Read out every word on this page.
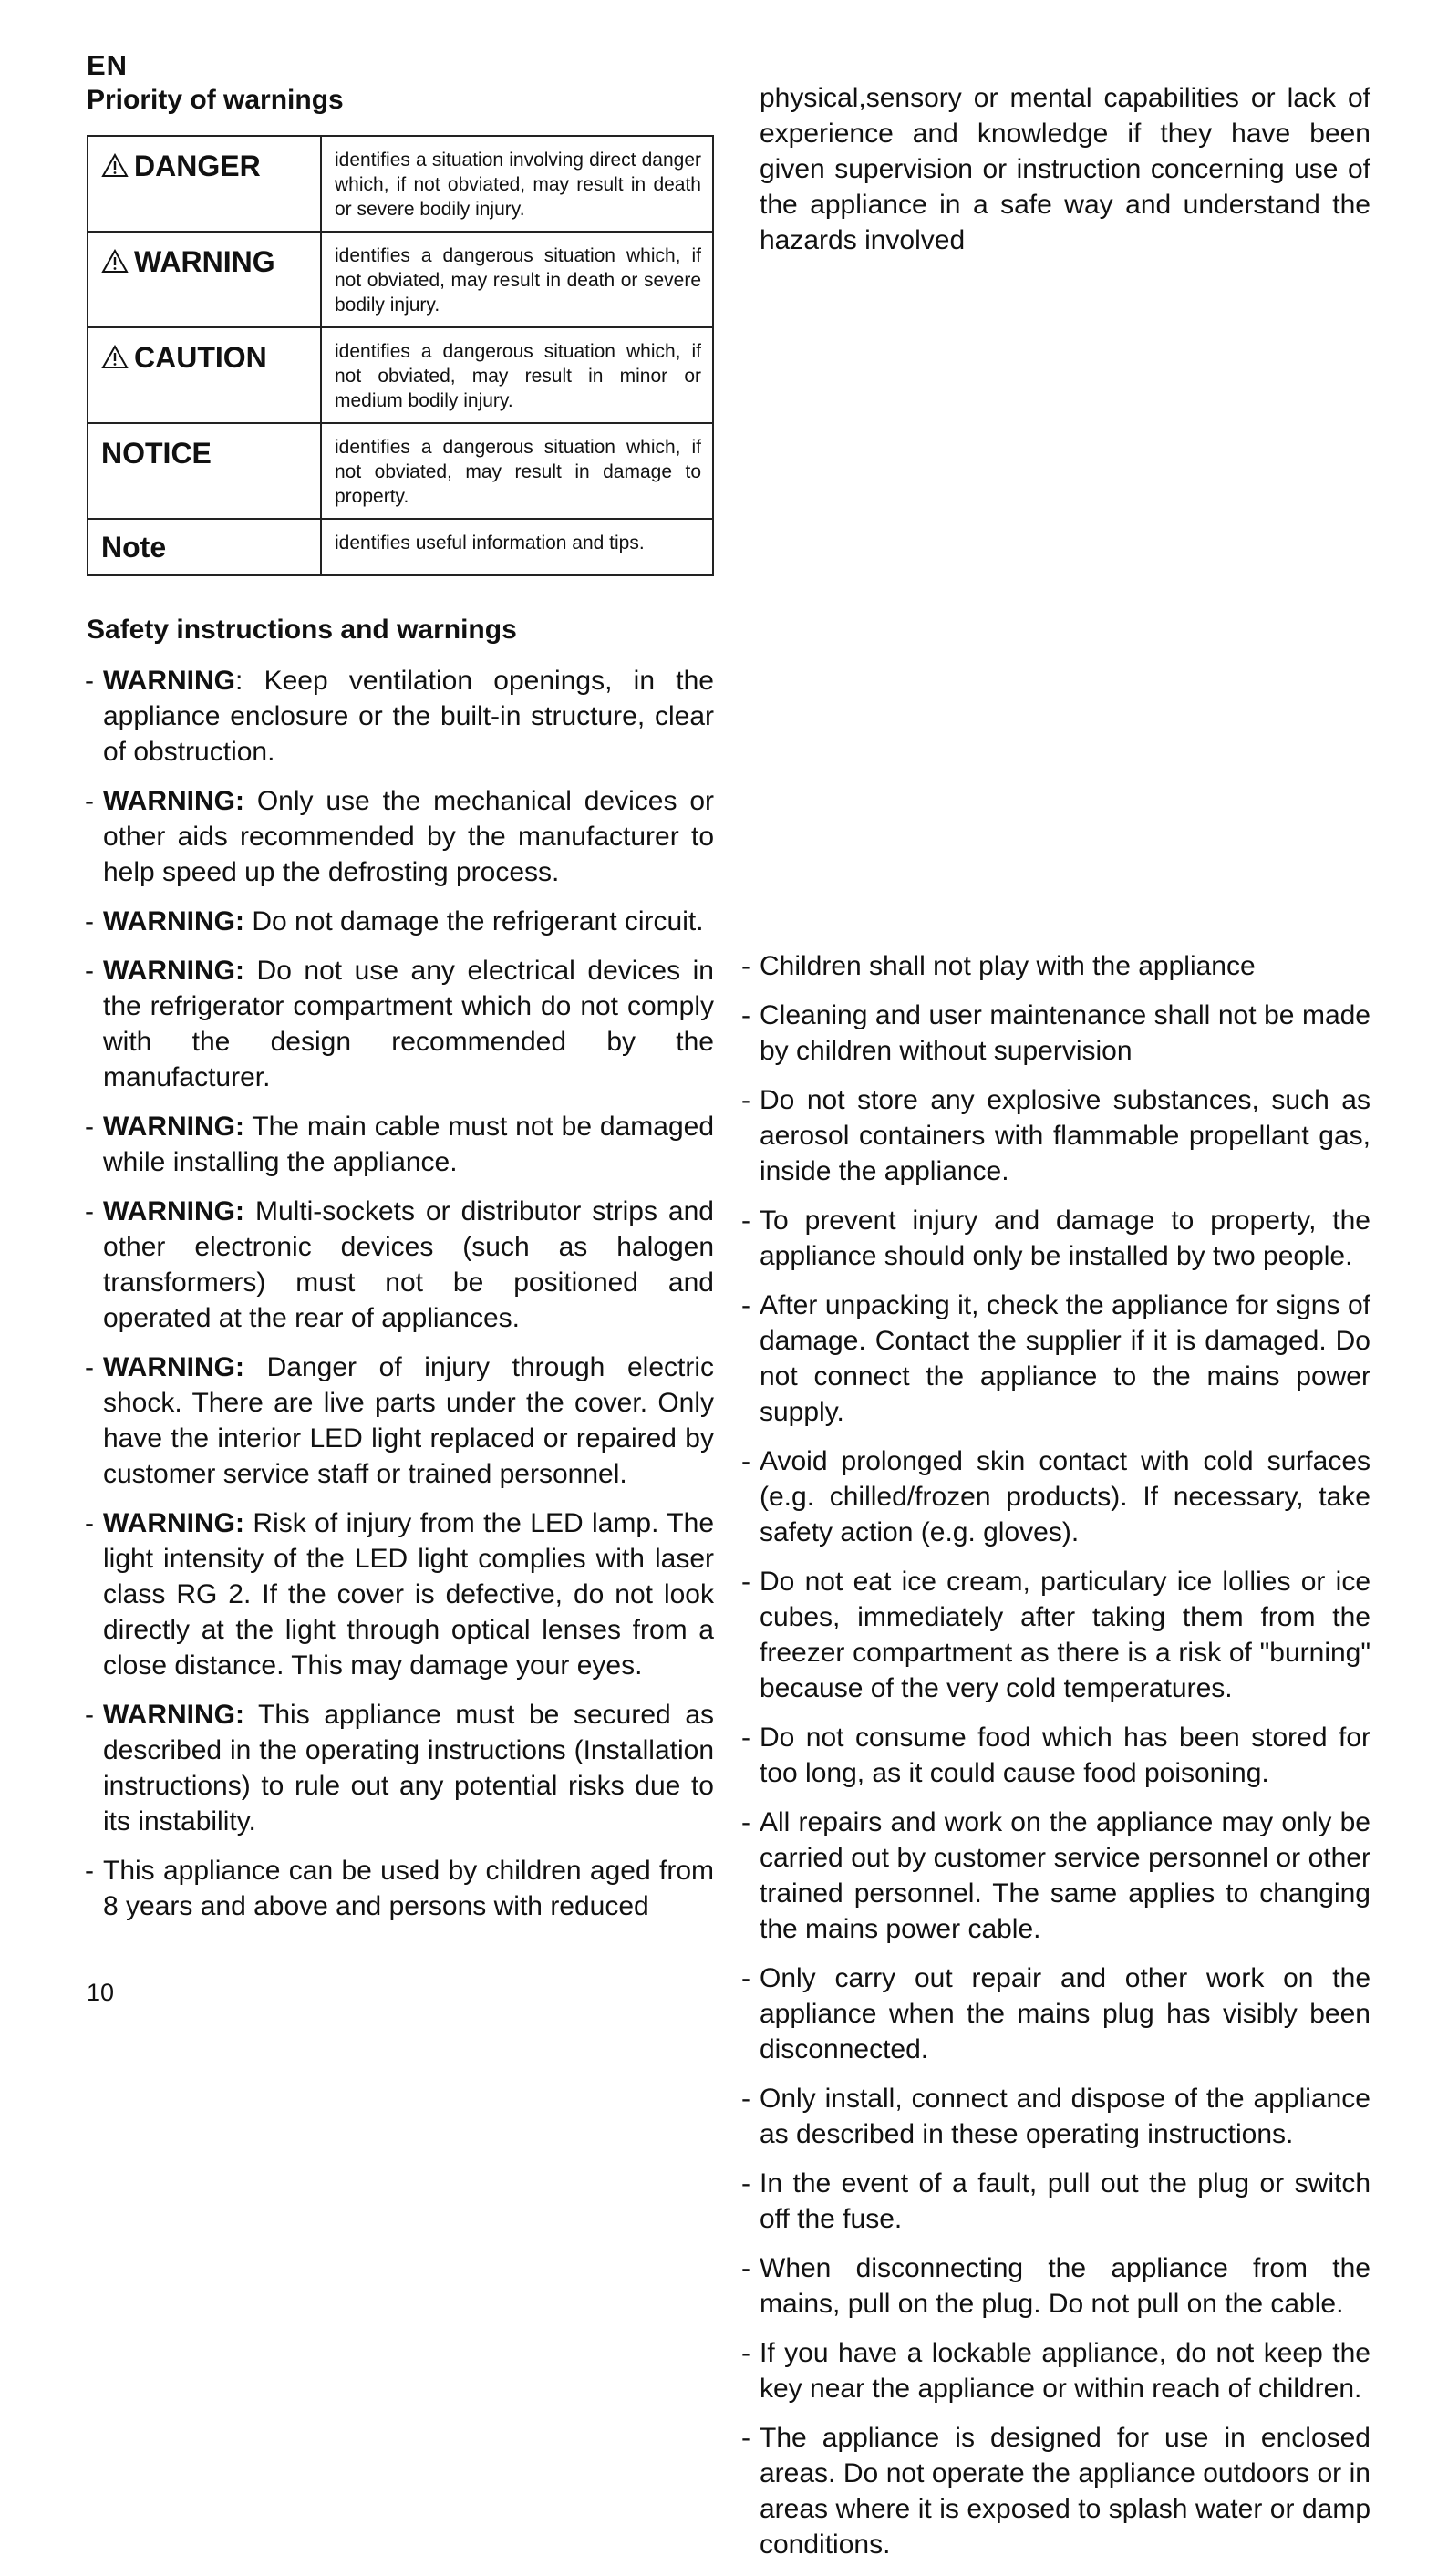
EN
Priority of warnings
DANGER	identifies a situation involving direct danger which, if not obviated, may result in death or severe bodily injury.
WARNING	identifies a dangerous situation which, if not obviated, may result in death or severe bodily injury.
CAUTION	identifies a dangerous situation which, if not obviated, may result in minor or medium bodily injury.
NOTICE	identifies a dangerous situation which, if not obviated, may result in damage to property.
Note	identifies useful information and tips.
Safety instructions and warnings
- WARNING: Keep ventilation openings, in the appliance enclosure or the built-in structure, clear of obstruction.
- WARNING: Only use the mechanical devices or other aids recommended by the manufacturer to help speed up the defrosting process.
- WARNING: Do not damage the refrigerant circuit.
- WARNING: Do not use any electrical devices in the refrigerator compartment which do not comply with the design recommended by the manufacturer.
- WARNING: The main cable must not be damaged while installing the appliance.
- WARNING: Multi-sockets or distributor strips and other electronic devices (such as halogen transformers) must not be positioned and operated at the rear of appliances.
- WARNING: Danger of injury through electric shock. There are live parts under the cover. Only have the interior LED light replaced or repaired by customer service staff or trained personnel.
- WARNING: Risk of injury from the LED lamp. The light intensity of the LED light complies with laser class RG 2. If the cover is defective, do not look directly at the light through optical lenses from a close distance. This may damage your eyes.
- WARNING: This appliance must be secured as described in the operating instructions (Installation instructions) to rule out any potential risks due to its instability.
- This appliance can be used by children aged from 8 years and above and persons with reduced

physical,sensory or mental capabilities or lack of experience and knowledge if they have been given supervision or instruction concerning use of the appliance in a safe way and understand the hazards involved

- Children shall not play with the appliance
- Cleaning and user maintenance shall not be made by children without supervision
- Do not store any explosive substances, such as aerosol containers with flammable propellant gas, inside the appliance.
- To prevent injury and damage to property, the appliance should only be installed by two people.
- After unpacking it, check the appliance for signs of damage. Contact the supplier if it is damaged. Do not connect the appliance to the mains power supply.
- Avoid prolonged skin contact with cold surfaces (e.g. chilled/frozen products). If necessary, take safety action (e.g. gloves).
- Do not eat ice cream, particulary ice lollies or ice cubes, immediately after taking them from the freezer compartment as there is a risk of "burning" because of the very cold temperatures.
- Do not consume food which has been stored for too long, as it could cause food poisoning.
- All repairs and work on the appliance may only be carried out by customer service personnel or other trained personnel. The same applies to changing the mains power cable.
- Only carry out repair and other work on the appliance when the mains plug has visibly been disconnected.
- Only install, connect and dispose of the appliance as described in these operating instructions.
- In the event of a fault, pull out the plug or switch off the fuse.
- When disconnecting the appliance from the mains, pull on the plug. Do not pull on the cable.
- If you have a lockable appliance, do not keep the key near the appliance or within reach of children.
- The appliance is designed for use in enclosed areas. Do not operate the appliance outdoors or in areas where it is exposed to splash water or damp conditions.
10
